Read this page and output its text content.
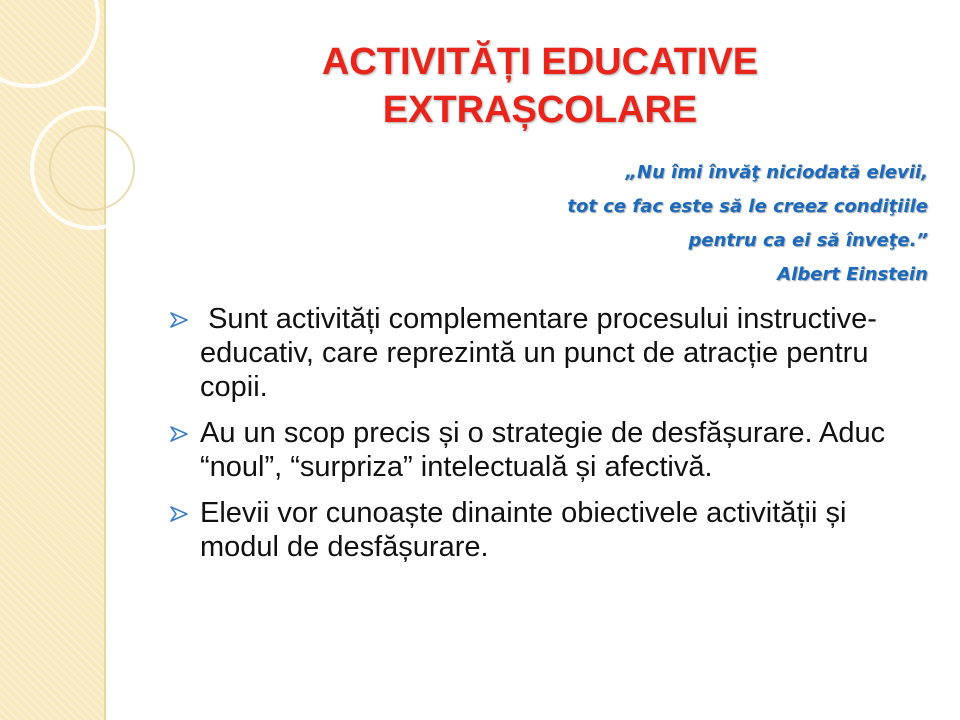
ACTIVITĂȚI EDUCATIVE
EXTRAȘCOLARE
„Nu îmi învăţ niciodată elevii,
tot ce fac este să le creez condiţiile
pentru ca ei să înveţe.”
Albert Einstein
Sunt activități complementare procesului instructive-educativ, care reprezintă un punct de atracție pentru copii.
Au un scop precis și o strategie de desfășurare. Aduc “noul”, “surpriza” intelectuală și afectivă.
Elevii vor cunoaște dinainte obiectivele activității și modul de desfășurare.
